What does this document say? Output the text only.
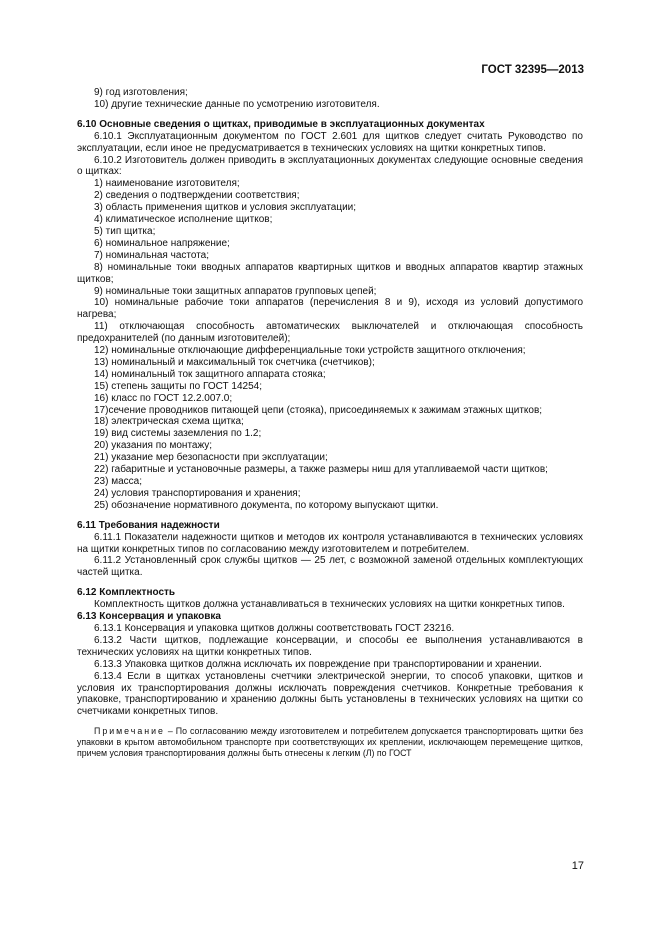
ГОСТ 32395—2013

9) год изготовления;

10) другие технические данные по усмотрению изготовителя.

6.10 Основные сведения о щитках, приводимые в эксплуатационных документах

6.10.1 Эксплуатационным документом по ГОСТ 2.601 для щитков следует считать Руководство по эксплуатации, если иное не предусматривается в технических условиях на щитки конкретных типов.

6.10.2 Изготовитель должен приводить в эксплуатационных документах следующие основные сведения о щитках:

1) наименование изготовителя;

2) сведения о подтверждении соответствия;

3) область применения щитков и условия эксплуатации;

4) климатическое исполнение щитков;

5) тип щитка;

6) номинальное напряжение;

7) номинальная частота;

8) номинальные токи вводных аппаратов квартирных щитков и вводных аппаратов квартир этажных щитков;

9) номинальные токи защитных аппаратов групповых цепей;

10) номинальные рабочие токи аппаратов (перечисления 8 и 9), исходя из условий допустимого нагрева;

11) отключающая способность автоматических выключателей и отключающая способность предохранителей (по данным изготовителей);

12) номинальные отключающие дифференциальные токи устройств защитного отключения;

13) номинальный и максимальный ток счетчика (счетчиков);

14) номинальный ток защитного аппарата стояка;

15) степень защиты по ГОСТ 14254;

16) класс по ГОСТ 12.2.007.0;

17)сечение проводников питающей цепи (стояка), присоединяемых к зажимам этажных щитков;

18) электрическая схема щитка;

19) вид системы заземления по 1.2;

20) указания по монтажу;

21) указание мер безопасности при эксплуатации;

22) габаритные и установочные размеры, а также размеры ниш для утапливаемой части щитков;

23) масса;

24) условия транспортирования и хранения;

25) обозначение нормативного документа, по которому выпускают щитки.

6.11 Требования надежности

6.11.1 Показатели надежности щитков и методов их контроля устанавливаются в технических условиях на щитки конкретных типов по согласованию между изготовителем и потребителем.

6.11.2 Установленный срок службы щитков — 25 лет, с возможной заменой отдельных комплектующих частей щитка.

6.12 Комплектность

Комплектность щитков должна устанавливаться в технических условиях на щитки конкретных типов.

6.13 Консервация и упаковка

6.13.1 Консервация и упаковка щитков должны соответствовать ГОСТ 23216.

6.13.2 Части щитков, подлежащие консервации, и способы ее выполнения устанавливаются в технических условиях на щитки конкретных типов.

6.13.3 Упаковка щитков должна исключать их повреждение при транспортировании и хранении.

6.13.4 Если в щитках установлены счетчики электрической энергии, то способ упаковки, щитков и условия их транспортирования должны исключать повреждения счетчиков. Конкретные требования к упаковке, транспортированию и хранению должны быть установлены в технических условиях на щитки со счетчиками конкретных типов.

Примечание – По согласованию между изготовителем и потребителем допускается транспортировать щитки без упаковки в крытом автомобильном транспорте при соответствующих их креплении, исключающем перемещение щитков, причем условия транспортирования должны быть отнесены к легким (Л) по ГОСТ

17
